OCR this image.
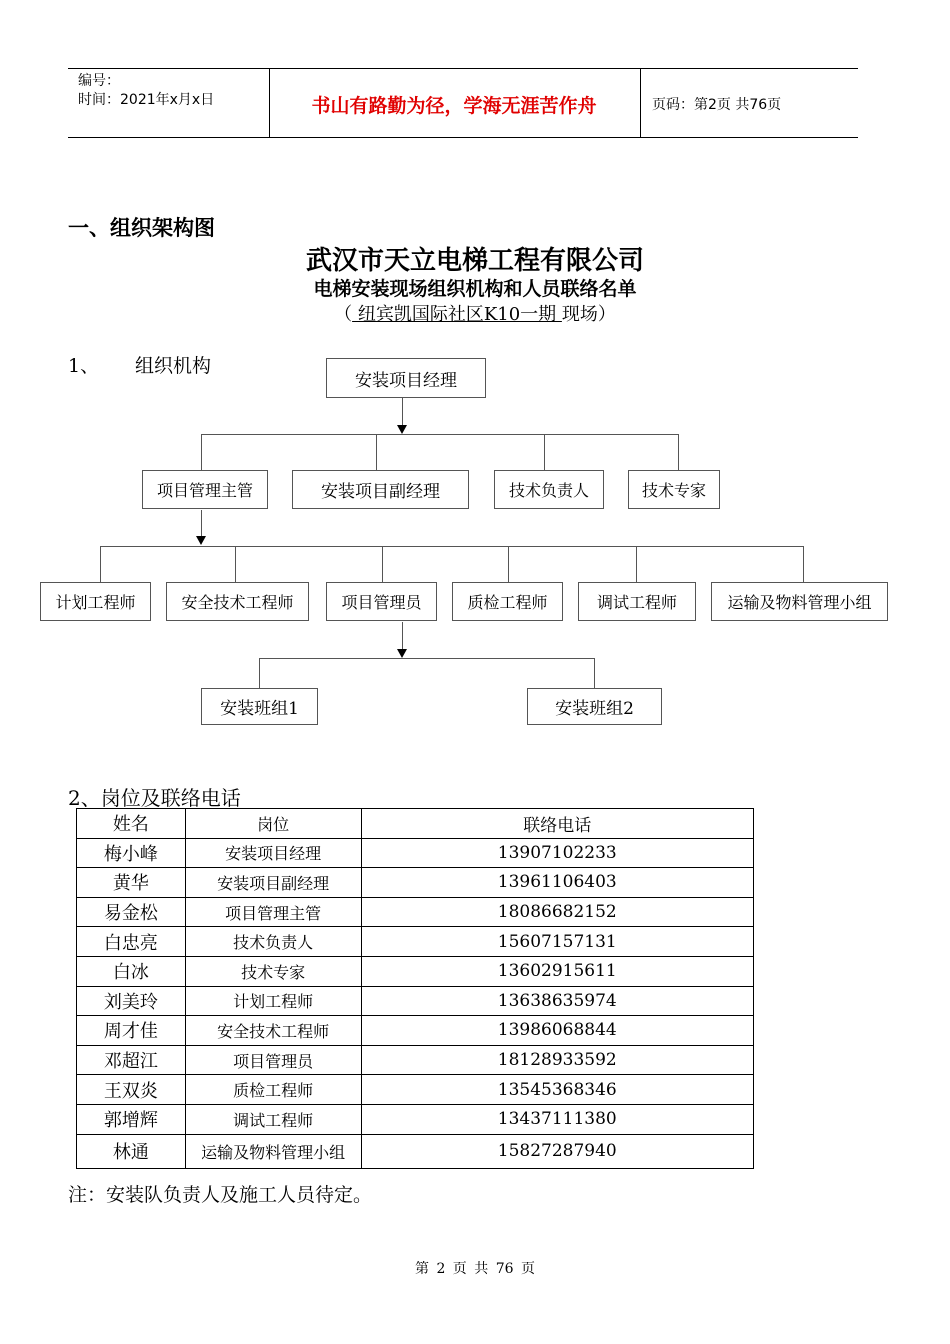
编号：
时间：2021年x月x日	书山有路勤为径，学海无涯苦作舟	页码：第2页 共76页
一、组织架构图
武汉市天立电梯工程有限公司
电梯安装现场组织机构和人员联络名单
（ 纽宾凯国际社区K10一期 现场）
1、 组织机构
安装项目经理
项目管理主管	安装项目副经理	技术负责人	技术专家
计划工程师	安全技术工程师	项目管理员	质检工程师	调试工程师	运输及物料管理小组
安装班组1	安装班组2
2、岗位及联络电话
姓名	岗位	联络电话
梅小峰	安装项目经理	13907102233
黄华	安装项目副经理	13961106403
易金松	项目管理主管	18086682152
白忠亮	技术负责人	15607157131
白冰	技术专家	13602915611
刘美玲	计划工程师	13638635974
周才佳	安全技术工程师	13986068844
邓超江	项目管理员	18128933592
王双炎	质检工程师	13545368346
郭增辉	调试工程师	13437111380
林通	运输及物料管理小组	15827287940
注：安装队负责人及施工人员待定。
第 2 页 共 76 页
